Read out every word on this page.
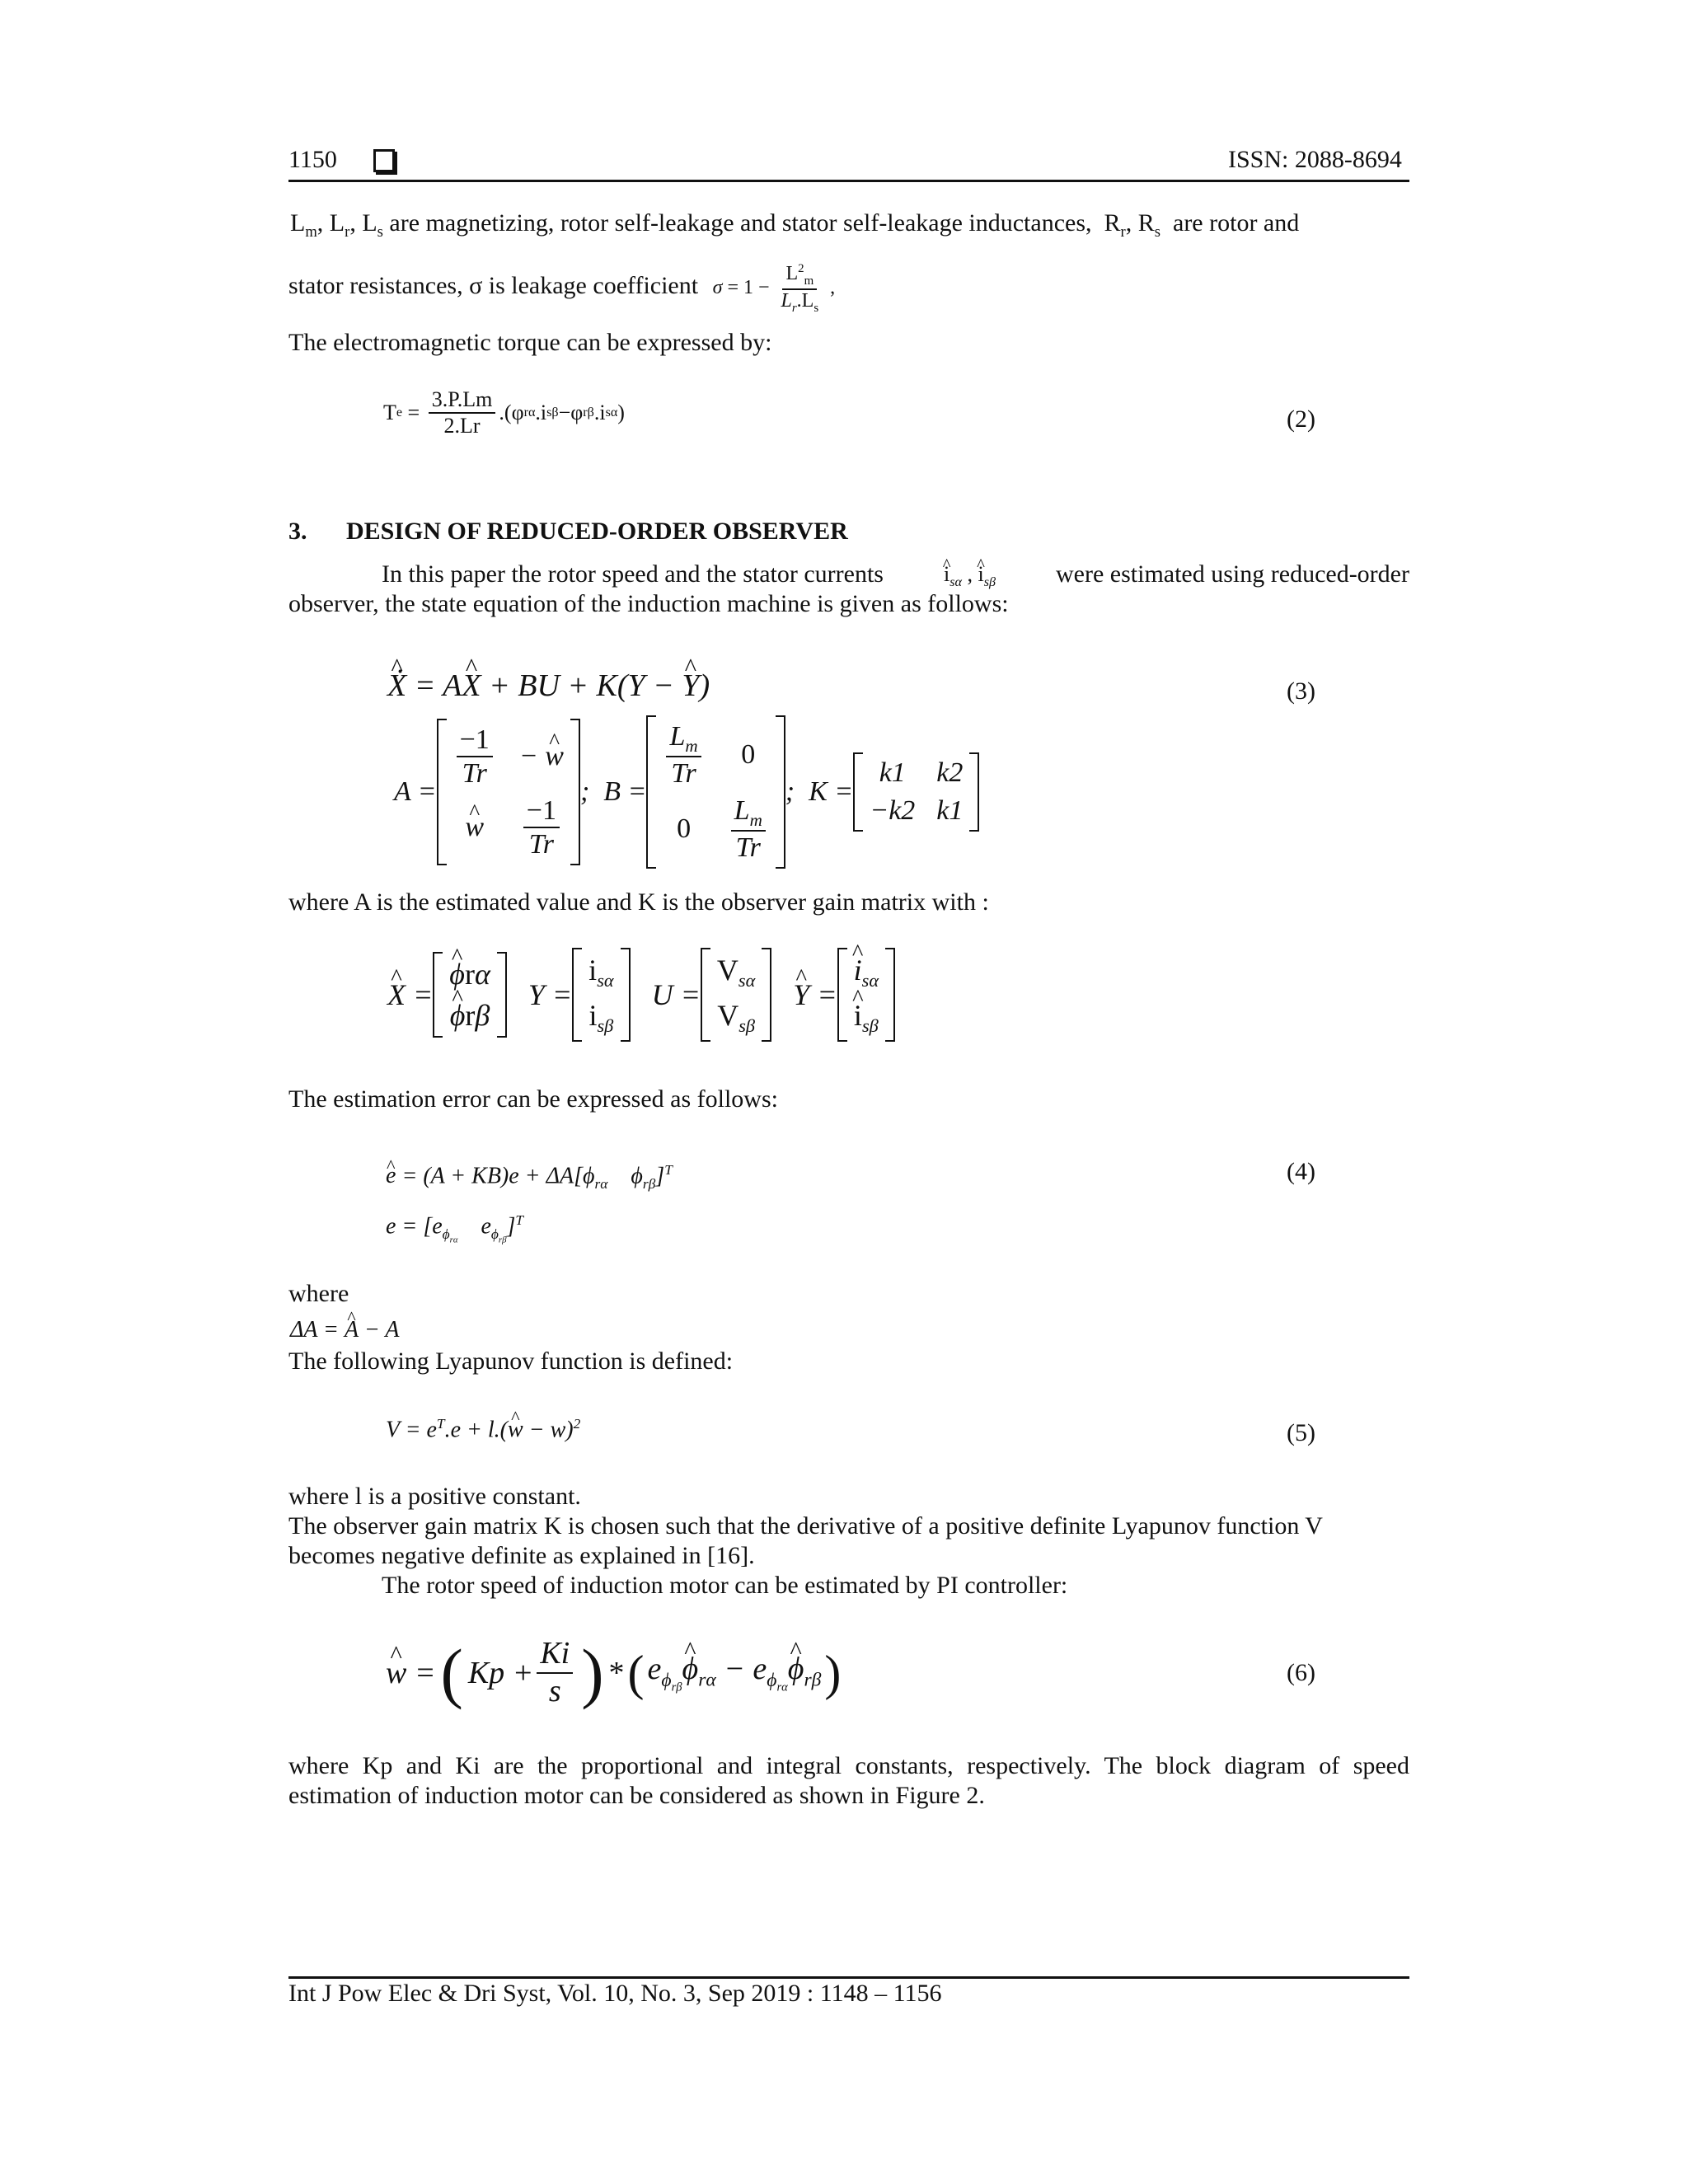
1150	ISSN: 2088-8694
$L_m$, $L_r$, $L_s$ are magnetizing, rotor self-leakage and stator self-leakage inductances,  $R_r$, $R_s$ are rotor and
stator resistances, σ is leakage coefficient $\sigma = 1 - \frac{L^2_m}{L_r.L_s}$ ,
The electromagnetic torque can be expressed by:
T $e = \frac{3.P.Lm}{2.Lr} .(\varphi$ rα .i sβ −φ rβ .i sα )	(2)
3. DESIGN OF REDUCED-ORDER OBSERVER
In this paper the rotor speed and the stator currents
^	$i_{s\alpha}$ , ^ $i_{s\beta}$ were estimated using reduced-order
observer, the state equation of the induction machine is given as follows:
^ Ẋ = A^ X + BU + K(Y − ^ Y)	(3)
A =
$\frac{-1}{Tr}$ − ^ w
^ w $\frac{-1}{Tr}$
;  B =
$\frac{L_m}{Tr} 0$
$0 \frac{L_m}{Tr}$
;  K =
k1 k2
−k2 k1
where A is the estimated value and K is the observer gain matrix with :
^ X =
^ ϕrα
^ ϕrβ
Y =
$i_{s\alpha}$
$i_{s\beta}$
U =
$V_{s\alpha}$
$V_{s\beta}$
^ Y =
^ $i_{s\alpha}$
^ $i_{s\beta}$
The estimation error can be expressed as follows:
^ $e = (A + KB)e + \Delta A[\phi_{r\alpha}$    $\phi_{r\beta}]^T$
$e = [e_{\phi_{r\alpha}}$    $e_{\phi_{r\beta}}]^T$
(4)
where
ΔA = ^ A − A
The following Lyapunov function is defined:
$V = e^T.e$ + l.(^ w − w)$^2$	(5)
where l is a positive constant.
The observer gain matrix K is chosen such that the derivative of a positive definite Lyapunov function V
becomes negative definite as explained in [16].
The rotor speed of induction motor can be estimated by PI controller:
^ w = ( $Kp + \frac{Ki}{s}$ ) * ( $e_{\phi_{r\beta}}\^{}$ $\phi_{r\alpha}$ − $e_{\phi_{r\alpha}}\^{}$ $\phi_{r\beta}$ )	(6)
where Kp and Ki are the proportional and integral constants, respectively. The block diagram of speed
estimation of induction motor can be considered as shown in Figure 2.
Int J Pow Elec & Dri Syst, Vol. 10, No. 3, Sep 2019 : 1148 – 1156
